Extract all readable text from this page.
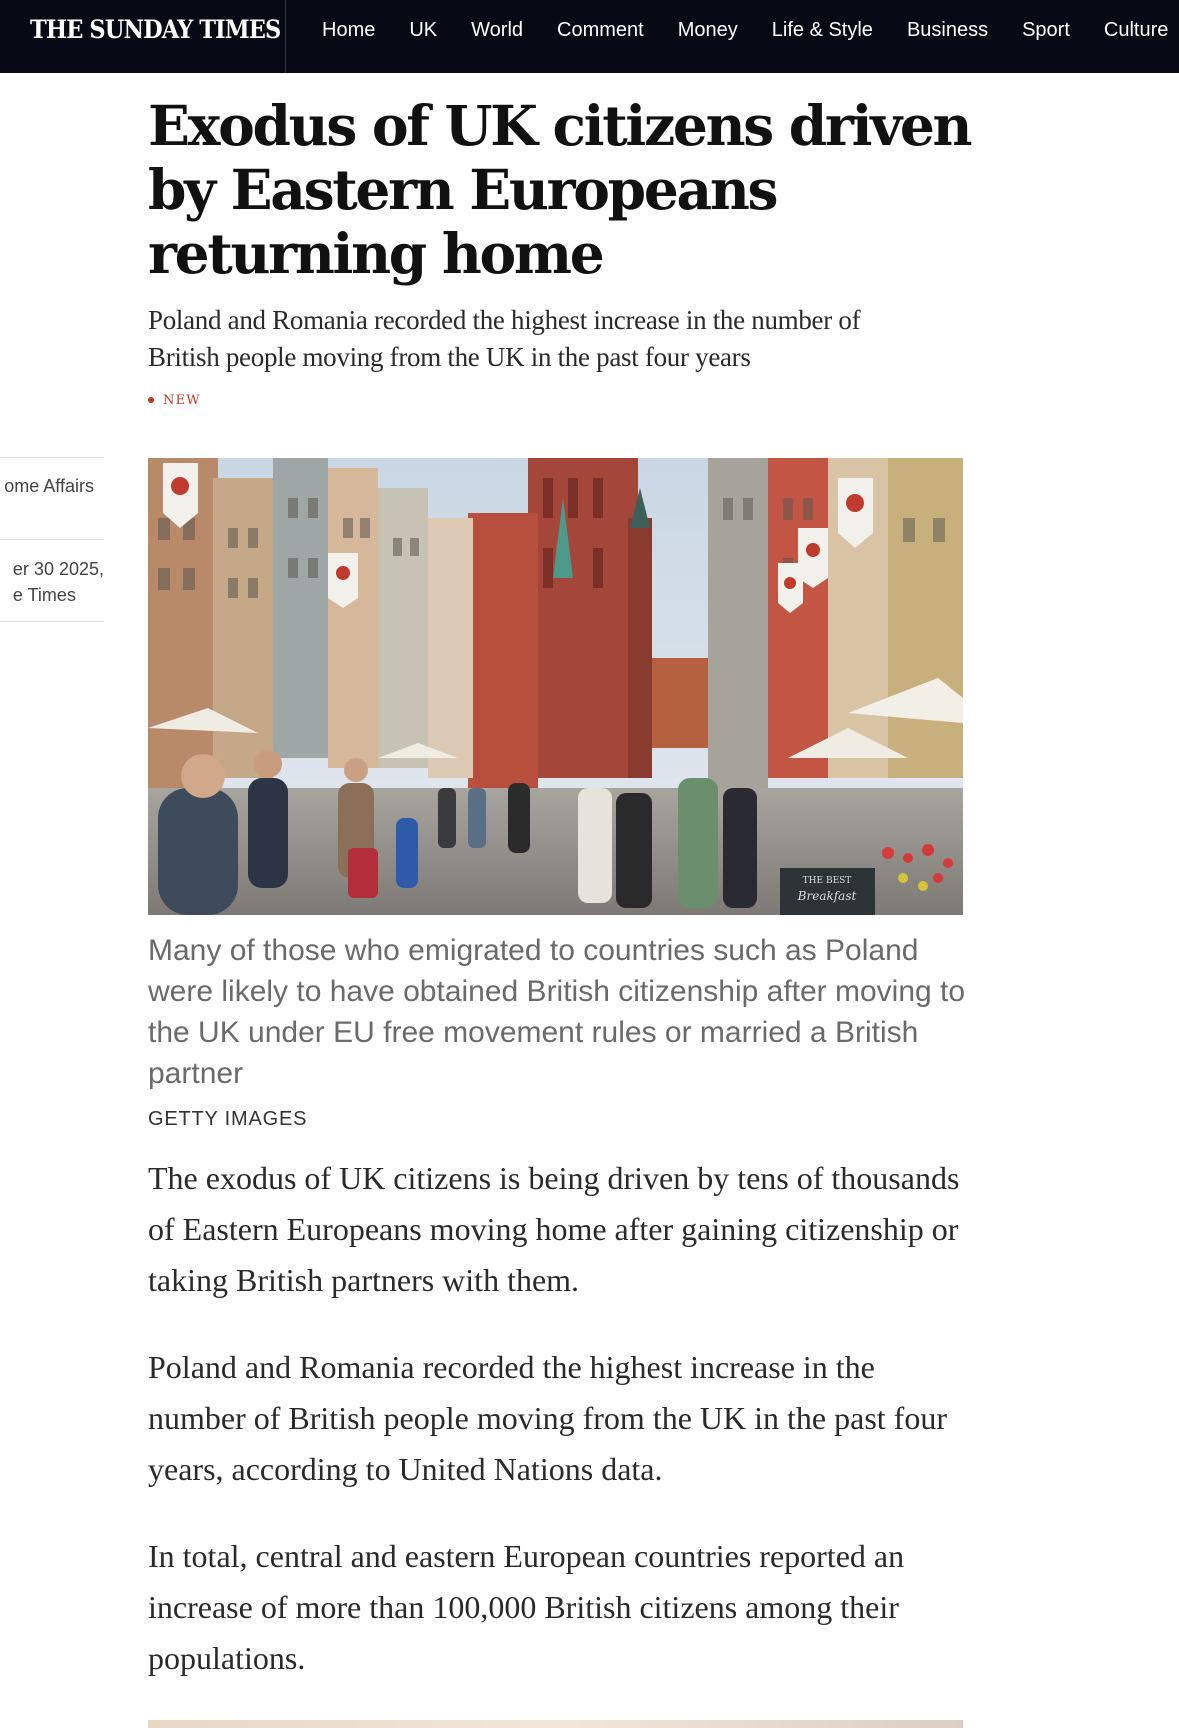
THE SUNDAY TIMES Home UK World Comment Money Life & Style Business Sport Culture
Exodus of UK citizens driven by Eastern Europeans returning home

Poland and Romania recorded the highest increase in the number of British people moving from the UK in the past four years

NEW
ome Affairs
er 30 2025,
e Times
THE BEST
Breakfast

Many of those who emigrated to countries such as Poland were likely to have obtained British citizenship after moving to the UK under EU free movement rules or married a British partner

GETTY IMAGES

The exodus of UK citizens is being driven by tens of thousands of Eastern Europeans moving home after gaining citizenship or taking British partners with them.

Poland and Romania recorded the highest increase in the number of British people moving from the UK in the past four years, according to United Nations data.

In total, central and eastern European countries reported an increase of more than 100,000 British citizens among their populations.
